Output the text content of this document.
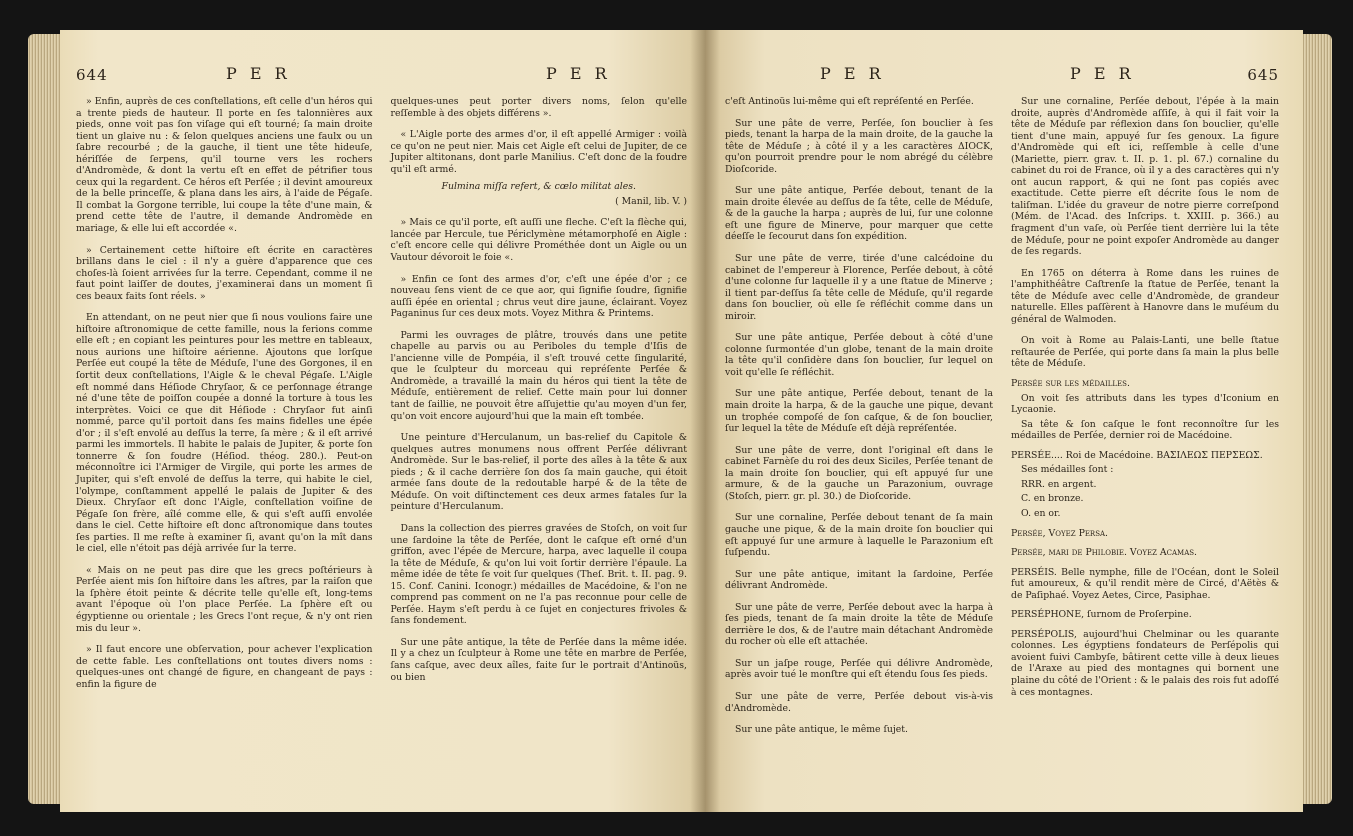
644	P E R	P E R

» Enfin, auprès de ces conſtellations, eſt celle d'un héros qui a trente pieds de hauteur. Il porte en ſes talonnières aux pieds, onne voit pas ſon viſage qui eſt tourné; ſa main droite tient un glaive nu : & ſelon quelques anciens une faulx ou un ſabre recourbé ; de la gauche, il tient une tête hideuſe, hériſſée de ſerpens, qu'il tourne vers les rochers d'Andromède, & dont la vertu eſt en effet de pétrifier tous ceux qui la regardent. Ce héros eſt Perſée ; il devint amoureux de la belle princeſſe, & plana dans les airs, à l'aide de Pégaſe. Il combat la Gorgone terrible, lui coupe la tête d'une main, & prend cette tête de l'autre, il demande Andromède en mariage, & elle lui eſt accordée «.

» Certainement cette hiſtoire eſt écrite en caractères brillans dans le ciel : il n'y a guère d'apparence que ces choſes-là ſoient arrivées ſur la terre. Cependant, comme il ne faut point laiſſer de doutes, j'examinerai dans un moment ſi ces beaux faits ſont réels. »

En attendant, on ne peut nier que ſi nous voulions faire une hiſtoire aſtronomique de cette famille, nous la ferions comme elle eſt ; en copiant les peintures pour les mettre en tableaux, nous aurions une hiſtoire aérienne. Ajoutons que lorſque Perſée eut coupé la tête de Méduſe, l'une des Gorgones, il en ſortit deux conſtellations, l'Aigle & le cheval Pégaſe. L'Aigle eſt nommé dans Héſiode Chryſaor, & ce perſonnage étrange né d'une tête de poiſſon coupée a donné la torture à tous les interprètes. Voici ce que dit Héſiode : Chryſaor fut ainſi nommé, parce qu'il portoit dans ſes mains fidelles une épée d'or ; il s'eſt envolé au deſſus la terre, ſa mère ; & il eſt arrivé parmi les immortels. Il habite le palais de Jupiter, & porte ſon tonnerre & ſon foudre (Héſiod. théog. 280.). Peut-on méconnoître ici l'Armiger de Virgile, qui porte les armes de Jupiter, qui s'eſt envolé de deſſus la terre, qui habite le ciel, l'olympe, conſtamment appellé le palais de Jupiter & des Dieux. Chryſaor eſt donc l'Aigle, conſtellation voiſine de Pégaſe ſon frère, aîlé comme elle, & qui s'eſt auſſi envolée dans le ciel. Cette hiſtoire eſt donc aſtronomique dans toutes ſes parties. Il me reſte à examiner ſi, avant qu'on la mît dans le ciel, elle n'étoit pas déjà arrivée ſur la terre.

« Mais on ne peut pas dire que les grecs poſtérieurs à Perſée aient mis ſon hiſtoire dans les aſtres, par la raiſon que la ſphère étoit peinte & décrite telle qu'elle eſt, long-tems avant l'époque où l'on place Perſée. La ſphère eſt ou égyptienne ou orientale ; les Grecs l'ont reçue, & n'y ont rien mis du leur ».

» Il faut encore une obſervation, pour achever l'explication de cette fable. Les conſtellations ont toutes divers noms : quelques-unes ont changé de figure, en changeant de pays : enfin la figure de

quelques-unes peut porter divers noms, ſelon qu'elle reſſemble à des objets différens ».

« L'Aigle porte des armes d'or, il eſt appellé Armiger : voilà ce qu'on ne peut nier. Mais cet Aigle eſt celui de Jupiter, de ce Jupiter altitonans, dont parle Manilius. C'eſt donc de la foudre qu'il eſt armé.

Fulmina miſſa refert, & cœlo militat ales.

( Manil, lib. V. )

» Mais ce qu'il porte, eſt auſſi une fleche. C'eſt la flèche qui, lancée par Hercule, tue Périclymène métamorphoſé en Aigle : c'eſt encore celle qui délivre Prométhée dont un Aigle ou un Vautour dévoroit le foie «.

» Enfin ce ſont des armes d'or, c'eſt une épée d'or ; ce nouveau ſens vient de ce que aor, qui ſignifie ſoudre, ſignifie auſſi épée en oriental ; chrus veut dire jaune, éclairant. Voyez Paganinus ſur ces deux mots. Voyez Mithra & Printems.

Parmi les ouvrages de plâtre, trouvés dans une petite chapelle au parvis ou au Periboles du temple d'Iſis de l'ancienne ville de Pompéia, il s'eſt trouvé cette ſingularité, que le ſculpteur du morceau qui repréſente Perſée & Andromède, a travaillé la main du héros qui tient la tête de Méduſe, entièrement de relief. Cette main pour lui donner tant de ſaillie, ne pouvoit être aſſujettie qu'au moyen d'un fer, qu'on voit encore aujourd'hui que la main eſt tombée.

Une peinture d'Herculanum, un bas-relief du Capitole & quelques autres monumens nous offrent Perſée délivrant Andromède. Sur le bas-relief, il porte des aîles à la tête & aux pieds ; & il cache derrière ſon dos ſa main gauche, qui étoit armée ſans doute de la redoutable harpé & de la tête de Méduſe. On voit diſtinctement ces deux armes fatales ſur la peinture d'Herculanum.

Dans la collection des pierres gravées de Stoſch, on voit ſur une ſardoine la tête de Perſée, dont le caſque eſt orné d'un griffon, avec l'épée de Mercure, harpa, avec laquelle il coupa la tête de Méduſe, & qu'on lui voit ſortir derrière l'épaule. La même idée de tête ſe voit ſur quelques (Theſ. Brit. t. II. pag. 9. 15. Conf. Canini. Iconogr.) médailles de Macédoine, & l'on ne comprend pas comment on ne l'a pas reconnue pour celle de Perſée. Haym s'eſt perdu à ce ſujet en conjectures frivoles & ſans fondement.

Sur une pâte antique, la tête de Perſée dans la même idée. Il y a chez un ſculpteur à Rome une tête en marbre de Perſée, ſans caſque, avec deux aîles, faite ſur le portrait d'Antinoüs, ou bien

P E R	P E R	645

c'eſt Antinoüs lui-même qui eſt repréſenté en Perſée.

Sur une pâte de verre, Perſée, ſon bouclier à ſes pieds, tenant la harpa de la main droite, de la gauche la tête de Méduſe ; à côté il y a les caractères ΔIOCK, qu'on pourroit prendre pour le nom abrégé du célèbre Dioſcoride.

Sur une pâte antique, Perſée debout, tenant de la main droite élevée au deſſus de ſa tête, celle de Méduſe, & de la gauche la harpa ; auprès de lui, ſur une colonne eſt une figure de Minerve, pour marquer que cette déeſſe le ſecourut dans ſon expédition.

Sur une pâte de verre, tirée d'une calcédoine du cabinet de l'empereur à Florence, Perſée debout, à côté d'une colonne ſur laquelle il y a une ſtatue de Minerve ; il tient par-deſſus ſa tête celle de Méduſe, qu'il regarde dans ſon bouclier, où elle ſe réfléchit comme dans un miroir.

Sur une pâte antique, Perſée debout à côté d'une colonne ſurmontée d'un globe, tenant de la main droite la tête qu'il conſidère dans ſon bouclier, ſur lequel on voit qu'elle ſe réfléchit.

Sur une pâte antique, Perſée debout, tenant de la main droite la harpa, & de la gauche une pique, devant un trophée compoſé de ſon caſque, & de ſon bouclier, ſur lequel la tête de Méduſe eſt déjà repréſentée.

Sur une pâte de verre, dont l'original eſt dans le cabinet Farnèſe du roi des deux Siciles, Perſée tenant de la main droite ſon bouclier, qui eſt appuyé ſur une armure, & de la gauche un Parazonium, ouvrage (Stoſch, pierr. gr. pl. 30.) de Dioſcoride.

Sur une cornaline, Perſée debout tenant de ſa main gauche une pique, & de la main droite ſon bouclier qui eſt appuyé ſur une armure à laquelle le Parazonium eſt ſuſpendu.

Sur une pâte antique, imitant la ſardoine, Perſée délivrant Andromède.

Sur une pâte de verre, Perſée debout avec la harpa à ſes pieds, tenant de ſa main droite la tête de Méduſe derrière le dos, & de l'autre main détachant Andromède du rocher où elle eſt attachée.

Sur un jaſpe rouge, Perſée qui délivre Andromède, après avoir tué le monſtre qui eſt étendu ſous ſes pieds.

Sur une pâte de verre, Perſée debout vis-à-vis d'Andromède.

Sur une pâte antique, le même ſujet.

Sur une cornaline, Perſée debout, l'épée à la main droite, auprès d'Andromède aſſiſe, à qui il fait voir la tête de Méduſe par réflexion dans ſon bouclier, qu'elle tient d'une main, appuyé ſur ſes genoux. La figure d'Andromède qui eſt ici, reſſemble à celle d'une (Mariette, pierr. grav. t. II. p. 1. pl. 67.) cornaline du cabinet du roi de France, où il y a des caractères qui n'y ont aucun rapport, & qui ne ſont pas copiés avec exactitude. Cette pierre eſt décrite ſous le nom de taliſman. L'idée du graveur de notre pierre correſpond (Mém. de l'Acad. des Inſcrips. t. XXIII. p. 366.) au fragment d'un vaſe, où Perſée tient derrière lui la tête de Méduſe, pour ne point expoſer Andromède au danger de ſes regards.

En 1765 on déterra à Rome dans les ruines de l'amphithéâtre Caſtrenſe la ſtatue de Perſée, tenant la tête de Méduſe avec celle d'Andromède, de grandeur naturelle. Elles paſſèrent à Hanovre dans le muſéum du général de Walmoden.

On voit à Rome au Palais-Lanti, une belle ſtatue reſtaurée de Perſée, qui porte dans ſa main la plus belle tête de Méduſe.

Perſée ſur les médailles.

On voit ſes attributs dans les types d'Iconium en Lycaonie.

Sa tête & ſon caſque le font reconnoître ſur les médailles de Perſée, dernier roi de Macédoine.

PERSÉE.... Roi de Macédoine. ΒΑΣΙΛΕΩΣ ΠΕΡΣΕΩΣ.

Ses médailles ſont :

RRR. en argent.

C. en bronze.

O. en or.

Persée, Voyez Persa.

Persée, mari de Philobie. Voyez Acamas.

PERSÉIS. Belle nymphe, fille de l'Océan, dont le Soleil fut amoureux, & qu'il rendit mère de Circé, d'Aëtès & de Paſiphaé. Voyez Aetes, Circe, Pasiphae.

PERSÉPHONE, ſurnom de Proſerpine.

PERSÉPOLIS, aujourd'hui Chelminar ou les quarante colonnes. Les égyptiens fondateurs de Perſépolis qui avoient fuivi Cambyſe, bâtirent cette ville à deux lieues de l'Araxe au pied des montagnes qui bornent une plaine du côté de l'Orient : & le palais des rois fut adoſſé à ces montagnes.
